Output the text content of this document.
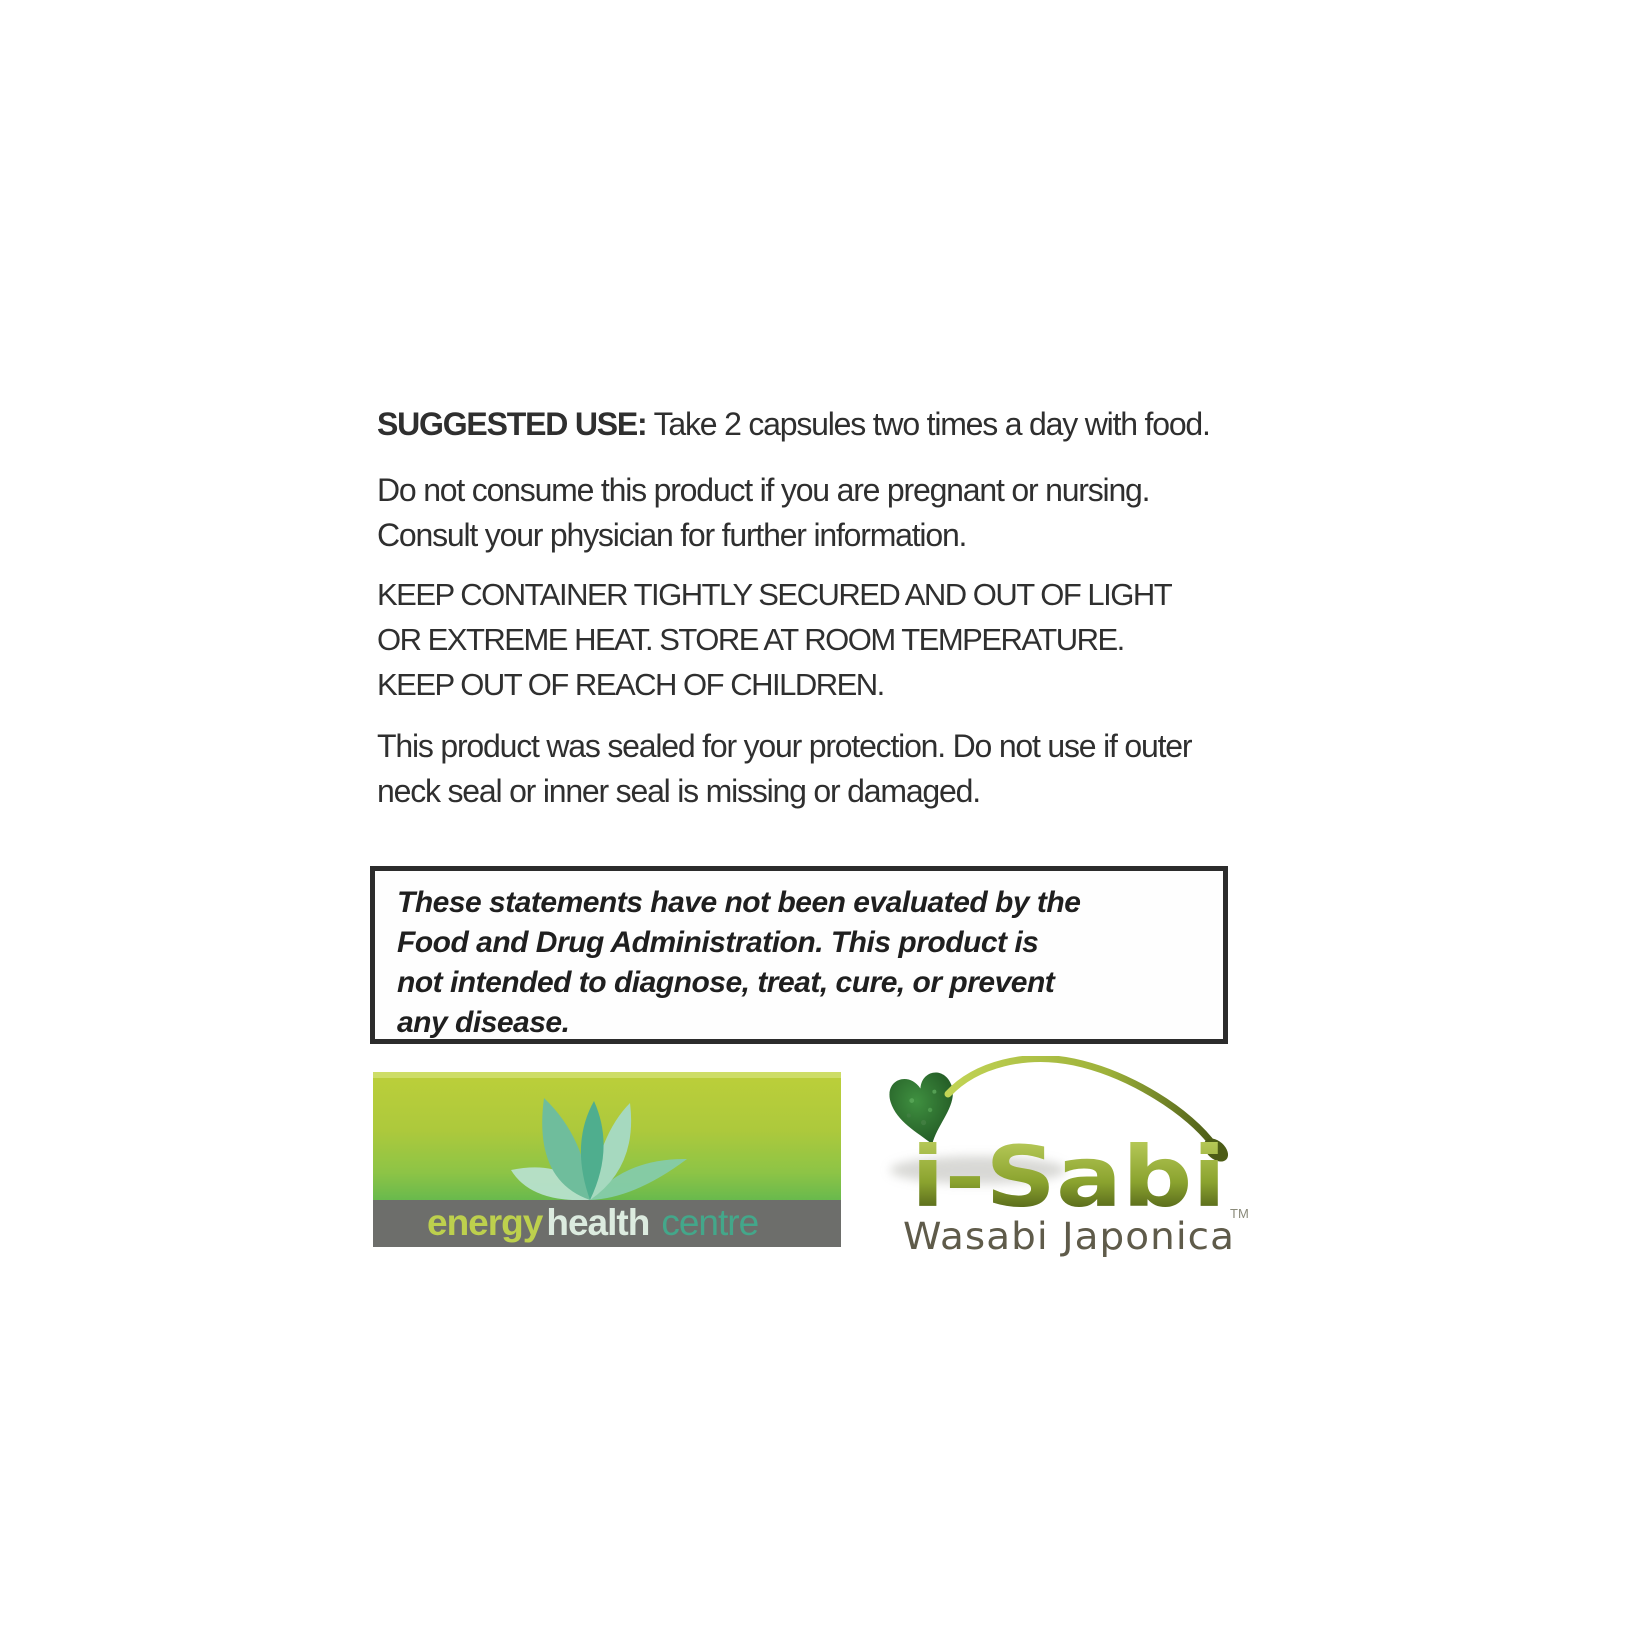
SUGGESTED USE: Take 2 capsules two times a day with food.
Do not consume this product if you are pregnant or nursing.
Consult your physician for further information.
KEEP CONTAINER TIGHTLY SECURED AND OUT OF LIGHT
OR EXTREME HEAT. STORE AT ROOM TEMPERATURE.
KEEP OUT OF REACH OF CHILDREN.
This product was sealed for your protection. Do not use if outer
neck seal or inner seal is missing or damaged.
These statements have not been evaluated by the
Food and Drug Administration. This product is
not intended to diagnose, treat, cure, or prevent
any disease.
energy health centre i-Sabi TM
Wasabi Japonica
